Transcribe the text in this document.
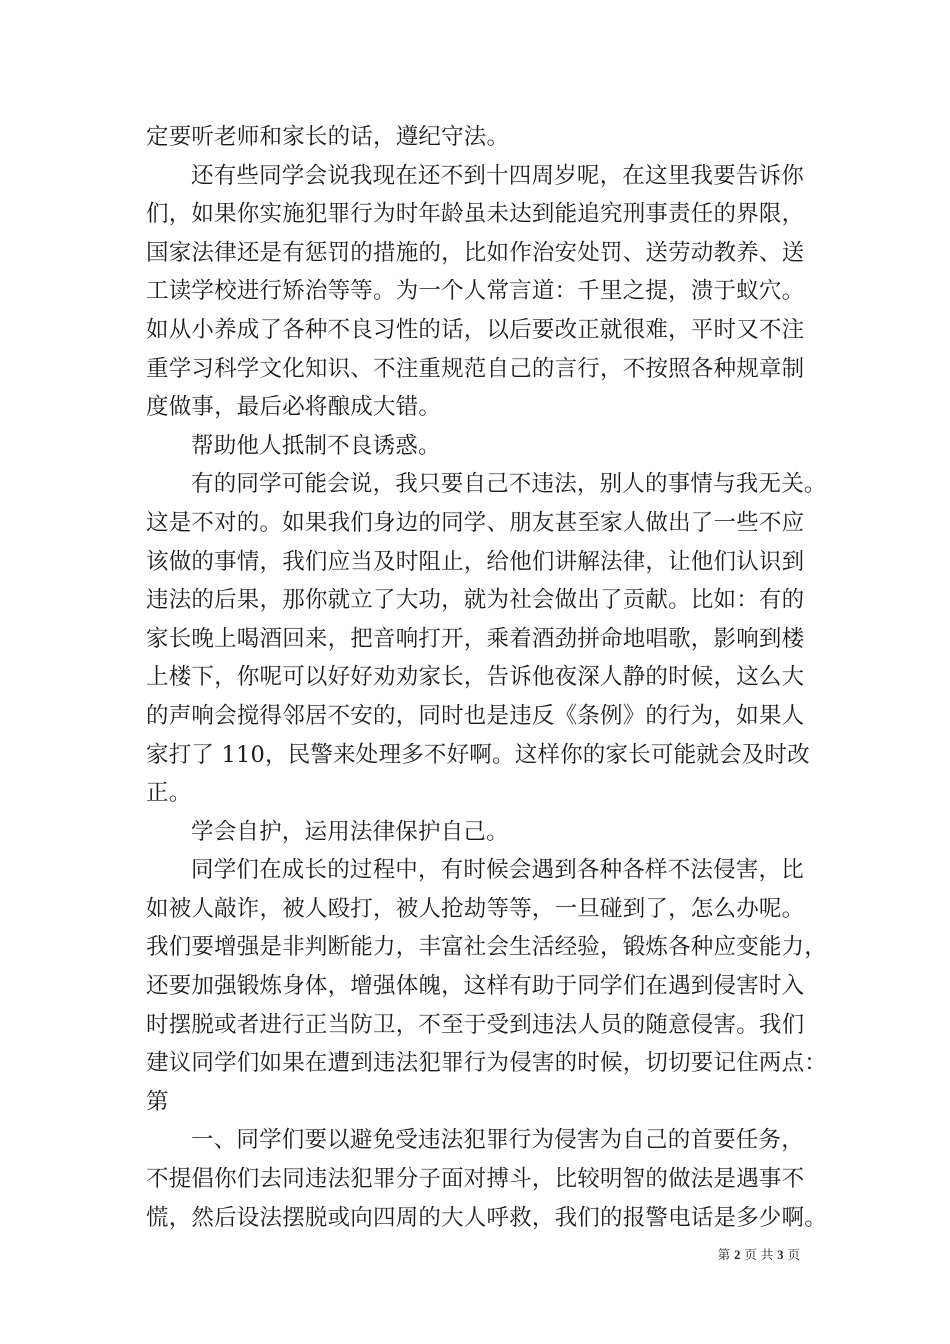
定要听老师和家长的话，遵纪守法。
还有些同学会说我现在还不到十四周岁呢，在这里我要告诉你
们，如果你实施犯罪行为时年龄虽未达到能追究刑事责任的界限，
国家法律还是有惩罚的措施的，比如作治安处罚、送劳动教养、送
工读学校进行矫治等等。为一个人常言道：千里之提，溃于蚁穴。
如从小养成了各种不良习性的话，以后要改正就很难，平时又不注
重学习科学文化知识、不注重规范自己的言行，不按照各种规章制
度做事，最后必将酿成大错。
帮助他人抵制不良诱惑。
有的同学可能会说，我只要自己不违法，别人的事情与我无关。
这是不对的。如果我们身边的同学、朋友甚至家人做出了一些不应
该做的事情，我们应当及时阻止，给他们讲解法律，让他们认识到
违法的后果，那你就立了大功，就为社会做出了贡献。比如：有的
家长晚上喝酒回来，把音响打开，乘着酒劲拼命地唱歌，影响到楼
上楼下，你呢可以好好劝劝家长，告诉他夜深人静的时候，这么大
的声响会搅得邻居不安的，同时也是违反《条例》的行为，如果人
家打了 110，民警来处理多不好啊。这样你的家长可能就会及时改
正。
学会自护，运用法律保护自己。
同学们在成长的过程中，有时候会遇到各种各样不法侵害，比
如被人敲诈，被人殴打，被人抢劫等等，一旦碰到了，怎么办呢。
我们要增强是非判断能力，丰富社会生活经验，锻炼各种应变能力，
还要加强锻炼身体，增强体魄，这样有助于同学们在遇到侵害时入
时摆脱或者进行正当防卫，不至于受到违法人员的随意侵害。我们
建议同学们如果在遭到违法犯罪行为侵害的时候，切切要记住两点：
第
一、同学们要以避免受违法犯罪行为侵害为自己的首要任务，
不提倡你们去同违法犯罪分子面对搏斗，比较明智的做法是遇事不
慌，然后设法摆脱或向四周的大人呼救，我们的报警电话是多少啊。
第 2 页 共 3 页
